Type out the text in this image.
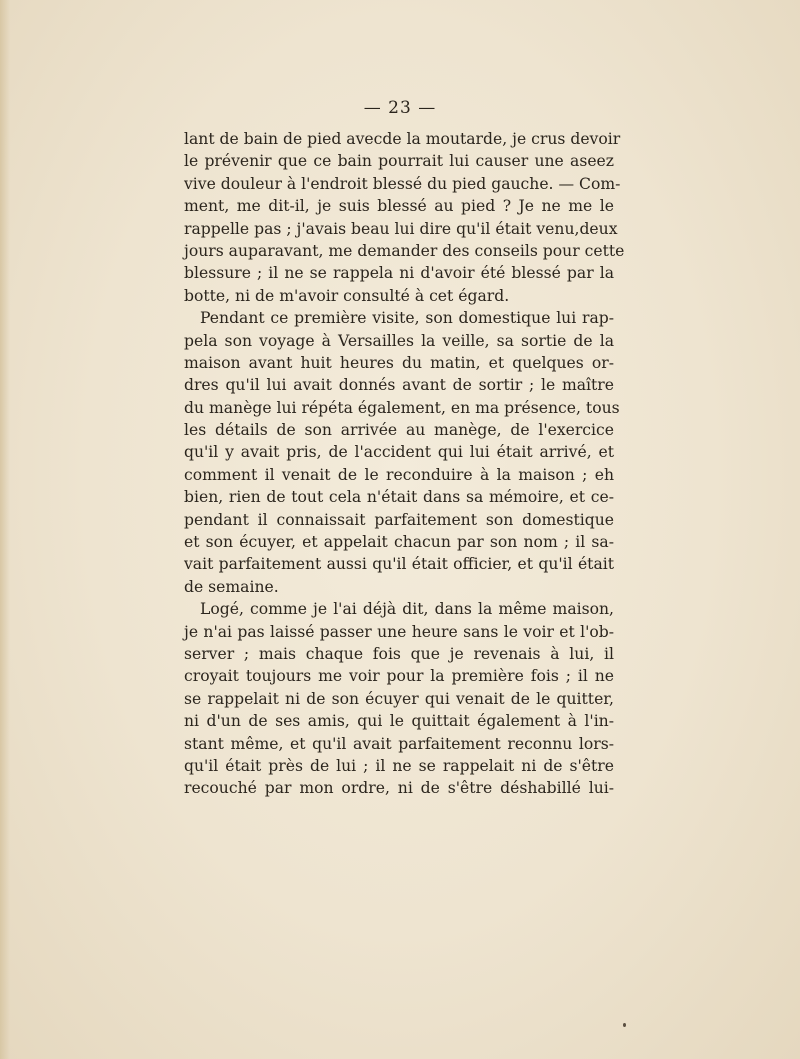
— 23 —
lant de bain de pied avecde la moutarde, je crus devoir
le prévenir que ce bain pourrait lui causer une aseez
vive douleur à l'endroit blessé du pied gauche. — Com-
ment, me dit-il, je suis blessé au pied ? Je ne me le
rappelle pas ; j'avais beau lui dire qu'il était venu,deux
jours auparavant, me demander des conseils pour cette
blessure ; il ne se rappela ni d'avoir été blessé par la
botte, ni de m'avoir consulté à cet égard.
Pendant ce première visite, son domestique lui rap-
pela son voyage à Versailles la veille, sa sortie de la
maison avant huit heures du matin, et quelques or-
dres qu'il lui avait donnés avant de sortir ; le maître
du manège lui répéta également, en ma présence, tous
les détails de son arrivée au manège, de l'exercice
qu'il y avait pris, de l'accident qui lui était arrivé, et
comment il venait de le reconduire à la maison ; eh
bien, rien de tout cela n'était dans sa mémoire, et ce-
pendant il connaissait parfaitement son domestique
et son écuyer, et appelait chacun par son nom ; il sa-
vait parfaitement aussi qu'il était officier, et qu'il était
de semaine.
Logé, comme je l'ai déjà dit, dans la même maison,
je n'ai pas laissé passer une heure sans le voir et l'ob-
server ; mais chaque fois que je revenais à lui, il
croyait toujours me voir pour la première fois ; il ne
se rappelait ni de son écuyer qui venait de le quitter,
ni d'un de ses amis, qui le quittait également à l'in-
stant même, et qu'il avait parfaitement reconnu lors-
qu'il était près de lui ; il ne se rappelait ni de s'être
recouché par mon ordre, ni de s'être déshabillé lui-
